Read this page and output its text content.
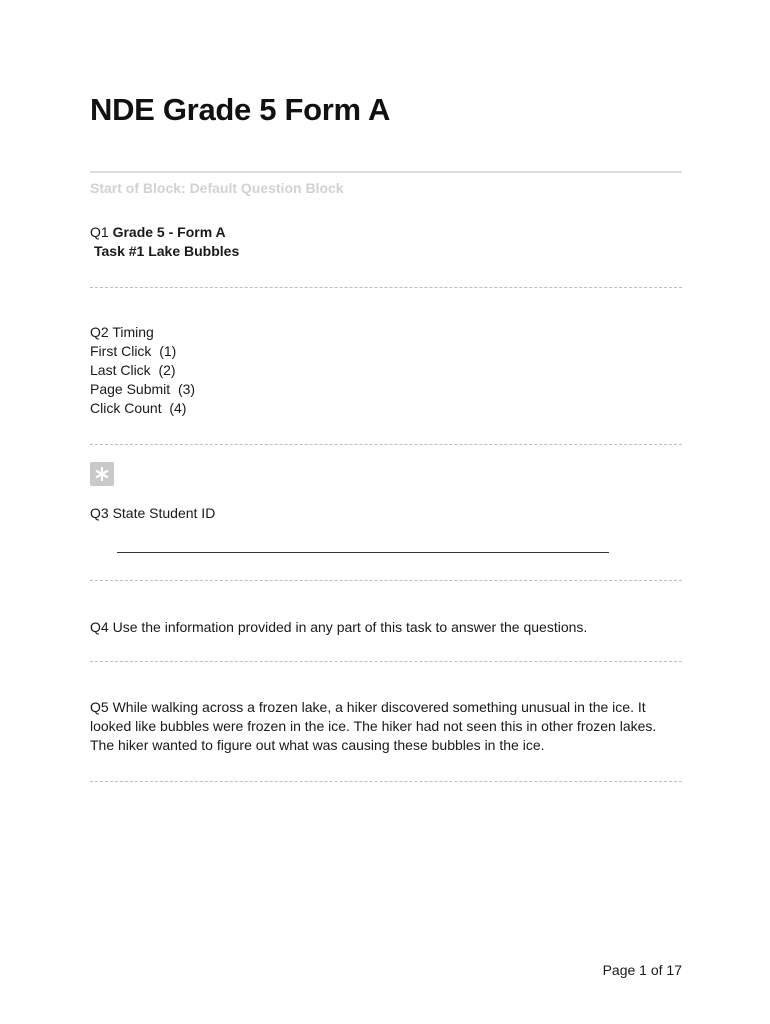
NDE Grade 5 Form A
Start of Block: Default Question Block
Q1 Grade 5 - Form A
Task #1 Lake Bubbles
Q2 Timing
First Click  (1)
Last Click  (2)
Page Submit  (3)
Click Count  (4)
Q3 State Student ID
Q4 Use the information provided in any part of this task to answer the questions.
Q5 While walking across a frozen lake, a hiker discovered something unusual in the ice. It looked like bubbles were frozen in the ice. The hiker had not seen this in other frozen lakes. The hiker wanted to figure out what was causing these bubbles in the ice.
Page 1 of 17
